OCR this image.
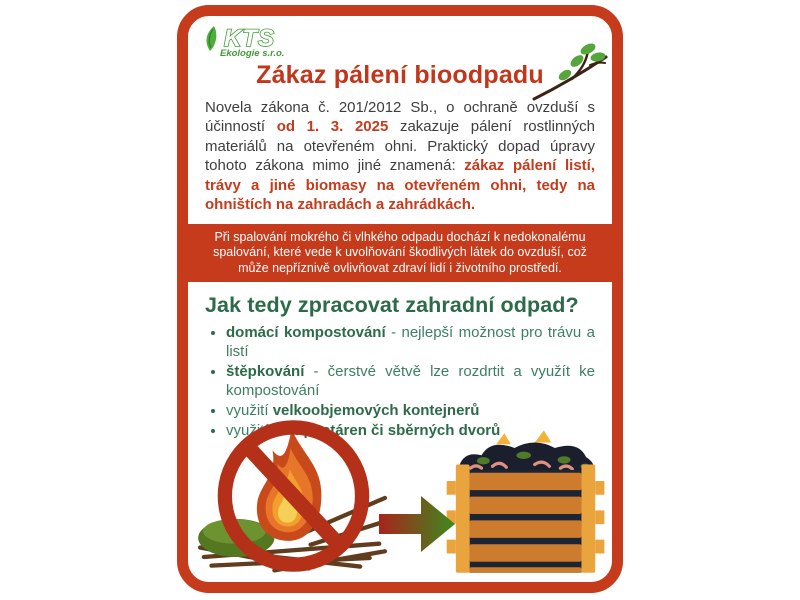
KTS
Ekologie s.r.o.
Zákaz pálení bioodpadu

Novela zákona č. 201/2012 Sb., o ochraně ovzduší s účinností od 1. 3. 2025 zakazuje pálení rostlinných materiálů na otevřeném ohni. Praktický dopad úpravy tohoto zákona mimo jiné znamená: zákaz pálení listí, trávy a jiné biomasy na otevřeném ohni, tedy na ohništích na zahradách a zahrádkách.

Při spalování mokrého či vlhkého odpadu dochází k nedokonalému spalování, které vede k uvolňování škodlivých látek do ovzduší, což může nepříznivě ovlivňovat zdraví lidí i životního prostředí.
Jak tedy zpracovat zahradní odpad?
• domácí kompostování - nejlepší možnost pro trávu a listí
• štěpkování - čerstvé větvě lze rozdrtit a využít ke kompostování
• využití velkoobjemových kontejnerů
• využití kompostáren či sběrných dvorů
